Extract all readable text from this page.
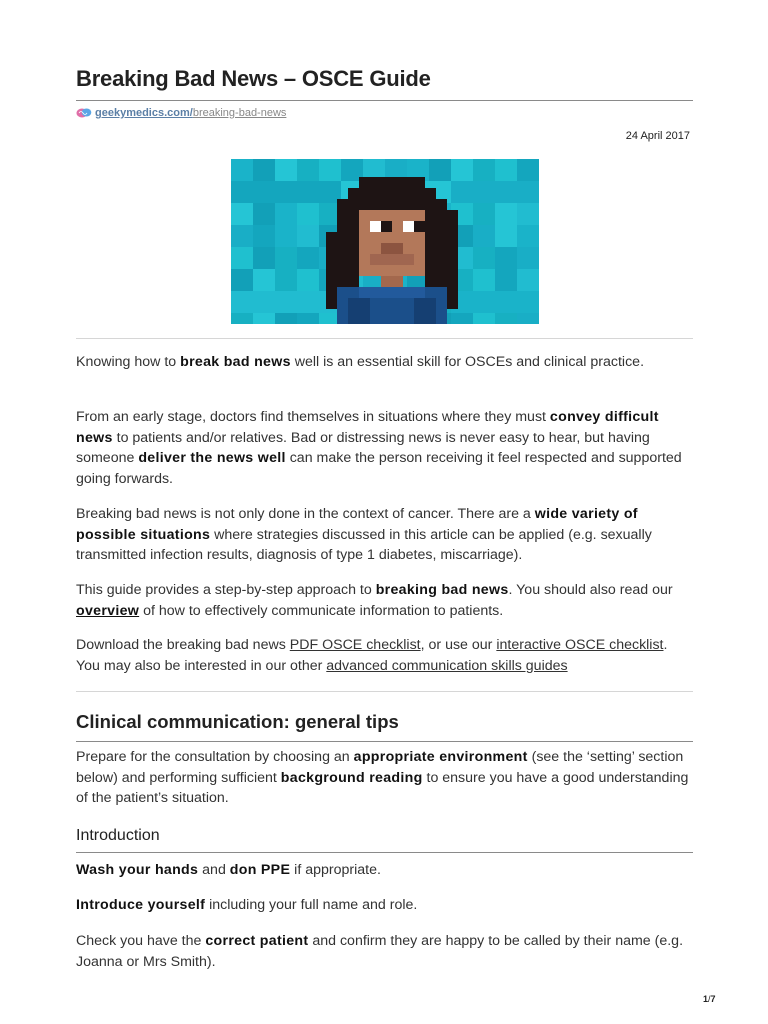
Breaking Bad News – OSCE Guide
geekymedics.com/ breaking-bad-news
24 April 2017

Knowing how to break bad news well is an essential skill for OSCEs and clinical practice.

From an early stage, doctors find themselves in situations where they must convey difficult news to patients and/or relatives. Bad or distressing news is never easy to hear, but having someone deliver the news well can make the person receiving it feel respected and supported going forwards.

Breaking bad news is not only done in the context of cancer. There are a wide variety of possible situations where strategies discussed in this article can be applied (e.g. sexually transmitted infection results, diagnosis of type 1 diabetes, miscarriage).

This guide provides a step-by-step approach to breaking bad news. You should also read our overview of how to effectively communicate information to patients.

Download the breaking bad news PDF OSCE checklist, or use our interactive OSCE checklist. You may also be interested in our other advanced communication skills guides

Clinical communication: general tips

Prepare for the consultation by choosing an appropriate environment (see the ‘setting’ section below) and performing sufficient background reading to ensure you have a good understanding of the patient’s situation.

Introduction

Wash your hands and don PPE if appropriate.

Introduce yourself including your full name and role.

Check you have the correct patient and confirm they are happy to be called by their name (e.g. Joanna or Mrs Smith).

1/7
